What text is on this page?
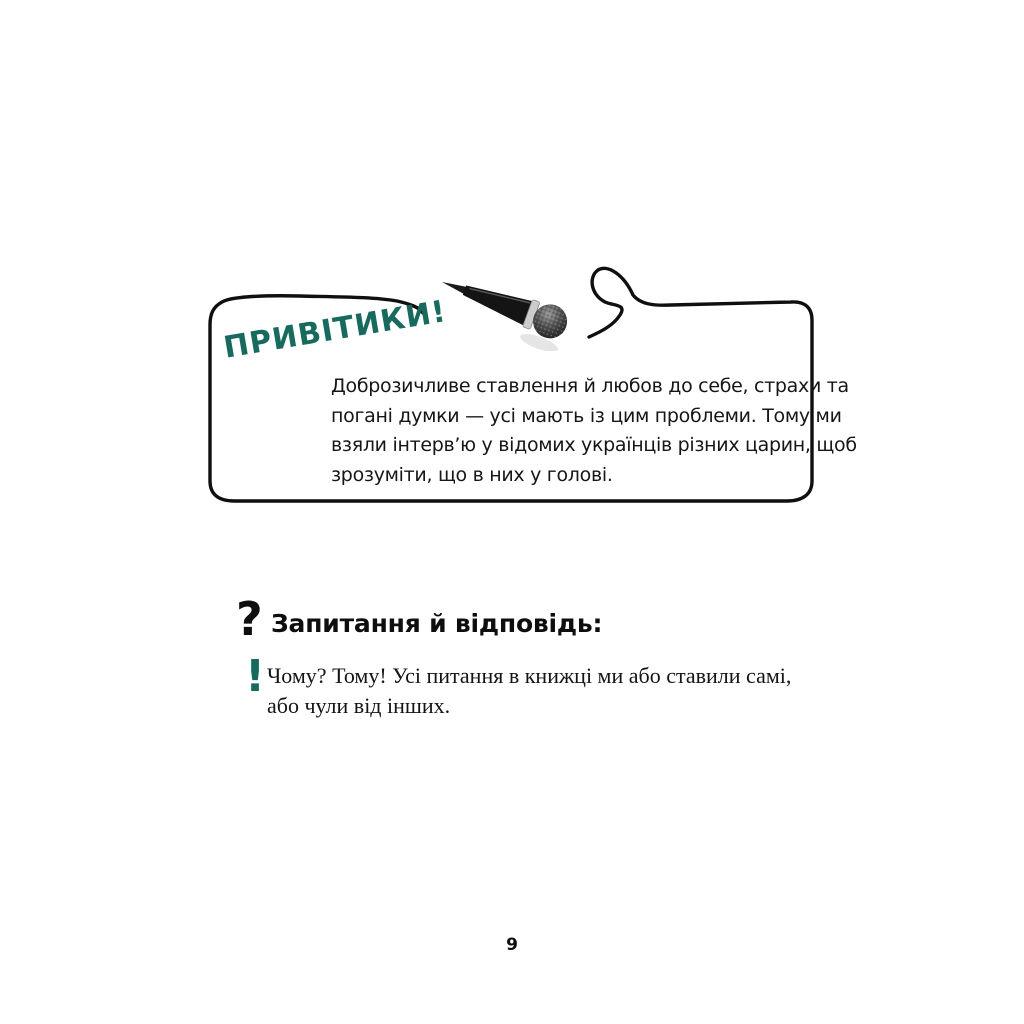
ПРИВІТИКИ!
Доброзичливе ставлення й любов до себе, страхи та
погані думки — усі мають із цим проблеми. Тому ми
взяли інтерв’ю у відомих українців різних царин, щоб
зрозуміти, що в них у голові.
? Запитання й відповідь:
! Чому? Тому! Усі питання в книжці ми або ставили самі,
або чули від інших.
9
